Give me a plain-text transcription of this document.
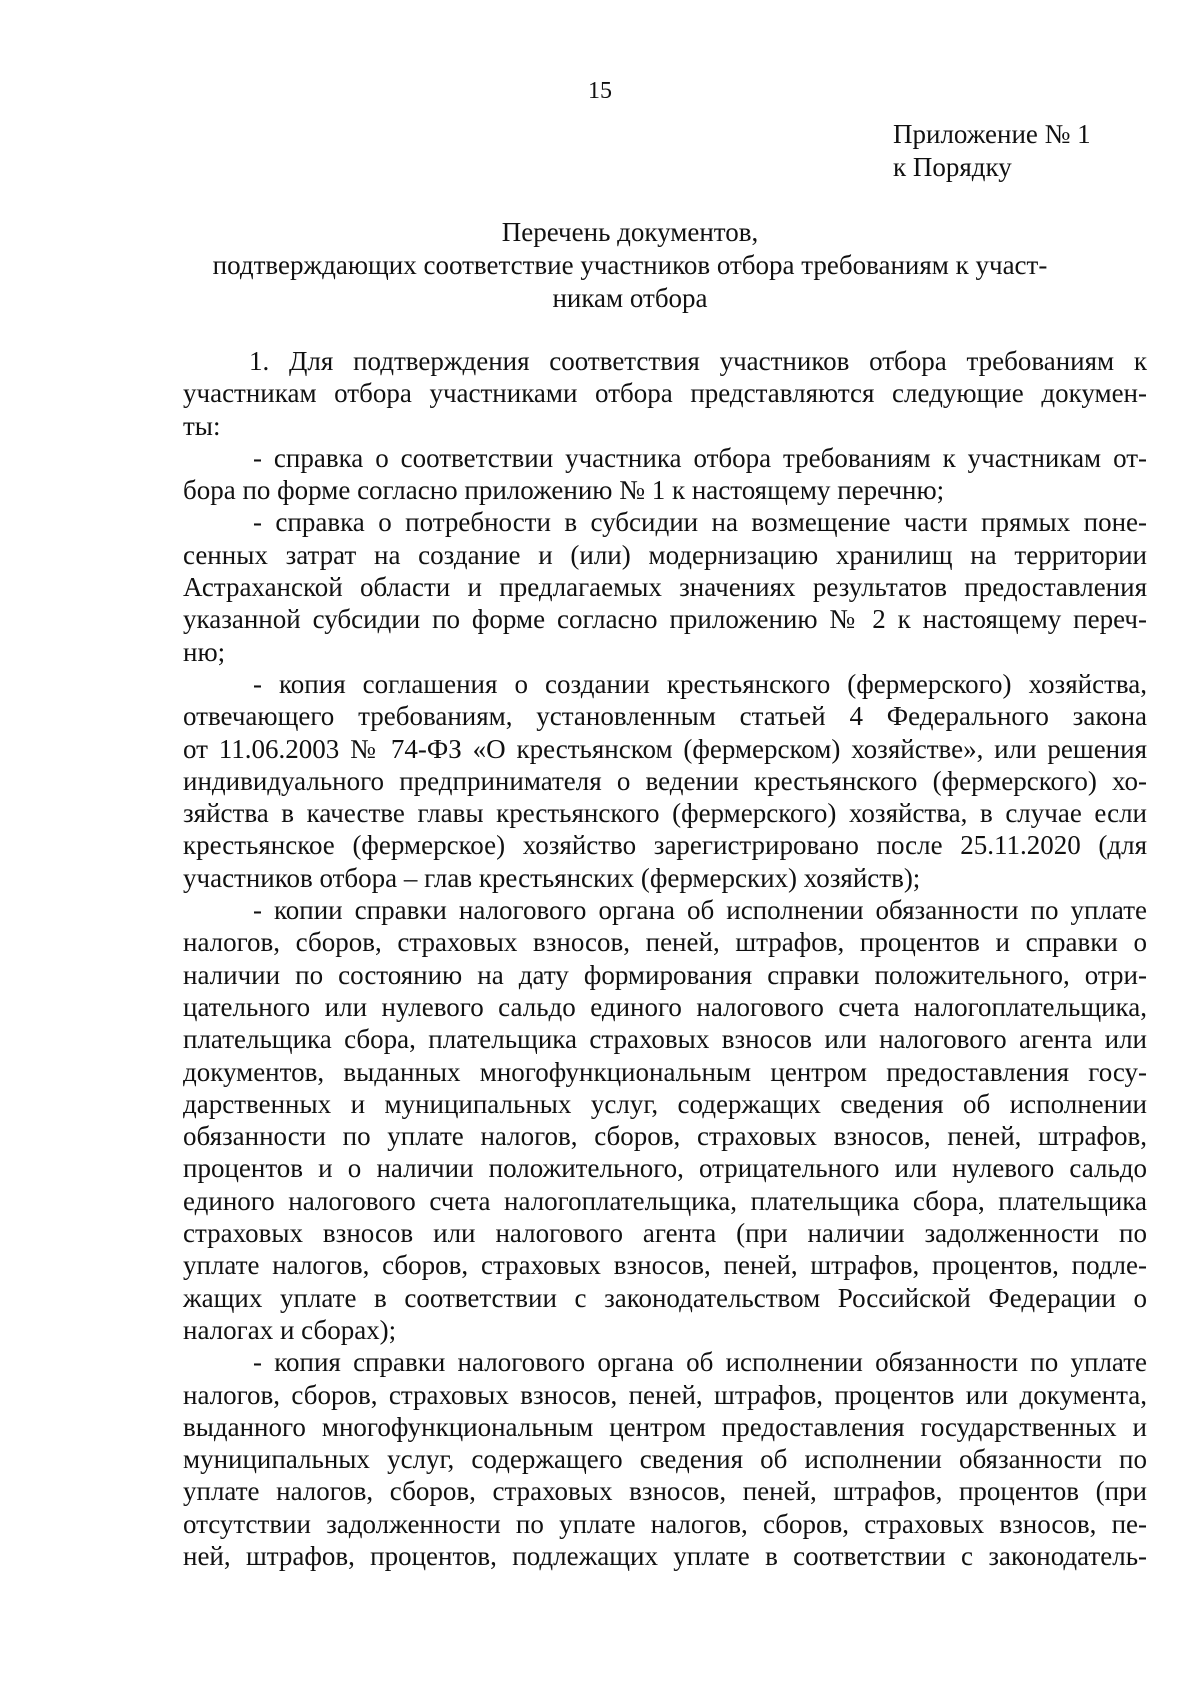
15
Приложение № 1
к Порядку
Перечень документов,
подтверждающих соответствие участников отбора требованиям к участ-
никам отбора
1. Для подтверждения соответствия участников отбора требованиям к
участникам отбора участниками отбора представляются следующие докумен-
ты:
- справка о соответствии участника отбора требованиям к участникам от-
бора по форме согласно приложению № 1 к настоящему перечню;
- справка о потребности в субсидии на возмещение части прямых поне-
сенных затрат на создание и (или) модернизацию хранилищ на территории
Астраханской области и предлагаемых значениях результатов предоставления
указанной субсидии по форме согласно приложению № 2 к настоящему переч-
ню;
- копия соглашения о создании крестьянского (фермерского) хозяйства,
отвечающего требованиям, установленным статьей 4 Федерального закона
от 11.06.2003 № 74-ФЗ «О крестьянском (фермерском) хозяйстве», или решения
индивидуального предпринимателя о ведении крестьянского (фермерского) хо-
зяйства в качестве главы крестьянского (фермерского) хозяйства, в случае если
крестьянское (фермерское) хозяйство зарегистрировано после 25.11.2020 (для
участников отбора – глав крестьянских (фермерских) хозяйств);
- копии справки налогового органа об исполнении обязанности по уплате
налогов, сборов, страховых взносов, пеней, штрафов, процентов и справки о
наличии по состоянию на дату формирования справки положительного, отри-
цательного или нулевого сальдо единого налогового счета налогоплательщика,
плательщика сбора, плательщика страховых взносов или налогового агента или
документов, выданных многофункциональным центром предоставления госу-
дарственных и муниципальных услуг, содержащих сведения об исполнении
обязанности по уплате налогов, сборов, страховых взносов, пеней, штрафов,
процентов и о наличии положительного, отрицательного или нулевого сальдо
единого налогового счета налогоплательщика, плательщика сбора, плательщика
страховых взносов или налогового агента (при наличии задолженности по
уплате налогов, сборов, страховых взносов, пеней, штрафов, процентов, подле-
жащих уплате в соответствии с законодательством Российской Федерации о
налогах и сборах);
- копия справки налогового органа об исполнении обязанности по уплате
налогов, сборов, страховых взносов, пеней, штрафов, процентов или документа,
выданного многофункциональным центром предоставления государственных и
муниципальных услуг, содержащего сведения об исполнении обязанности по
уплате налогов, сборов, страховых взносов, пеней, штрафов, процентов (при
отсутствии задолженности по уплате налогов, сборов, страховых взносов, пе-
ней, штрафов, процентов, подлежащих уплате в соответствии с законодатель-
